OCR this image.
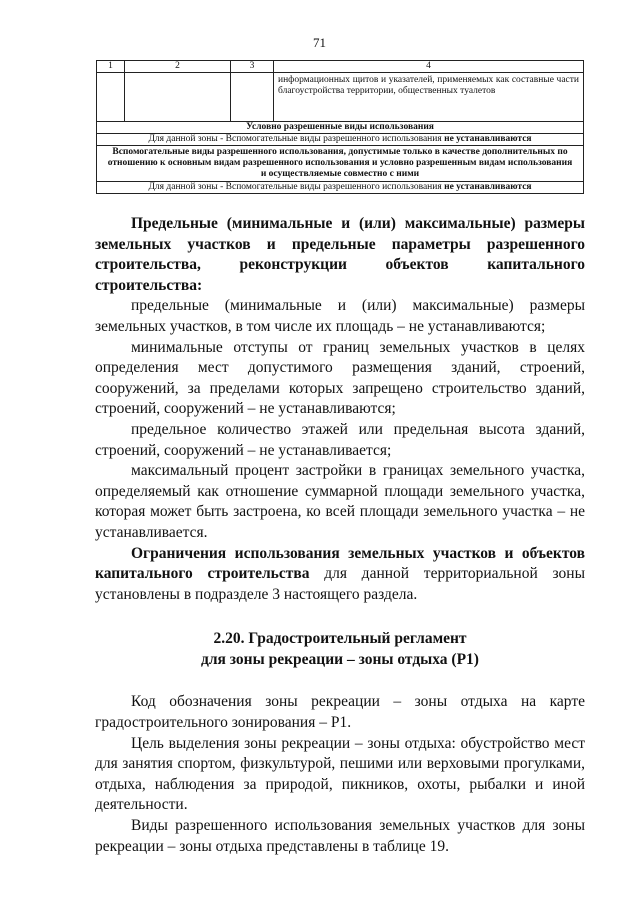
71
1	2	3	4
			информационных щитов и указателей, применяемых как составные части благоустройства территории, общественных туалетов
Условно разрешенные виды использования			
Для данной зоны - Вспомогательные виды разрешенного использования не устанавливаются			
Вспомогательные виды разрешенного использования, допустимые только в качестве дополнительных по отношению к основным видам разрешенного использования и условно разрешенным видам использования и осуществляемые совместно с ними			
Для данной зоны - Вспомогательные виды разрешенного использования не устанавливаются			

Предельные (минимальные и (или) максимальные) размеры земельных участков и предельные параметры разрешенного строительства, реконструкции объектов капитального строительства:

предельные (минимальные и (или) максимальные) размеры земельных участков, в том числе их площадь – не устанавливаются;

минимальные отступы от границ земельных участков в целях определения мест допустимого размещения зданий, строений, сооружений, за пределами которых запрещено строительство зданий, строений, сооружений – не устанавливаются;

предельное количество этажей или предельная высота зданий, строений, сооружений – не устанавливается;

максимальный процент застройки в границах земельного участка, определяемый как отношение суммарной площади земельного участка, которая может быть застроена, ко всей площади земельного участка – не устанавливается.

Ограничения использования земельных участков и объектов капитального строительства для данной территориальной зоны установлены в подразделе 3 настоящего раздела.

2.20. Градостроительный регламент

для зоны рекреации – зоны отдыха (Р1)

Код обозначения зоны рекреации – зоны отдыха на карте градостроительного зонирования – Р1.

Цель выделения зоны рекреации – зоны отдыха: обустройство мест для занятия спортом, физкультурой, пешими или верховыми прогулками, отдыха, наблюдения за природой, пикников, охоты, рыбалки и иной деятельности.

Виды разрешенного использования земельных участков для зоны рекреации – зоны отдыха представлены в таблице 19.
